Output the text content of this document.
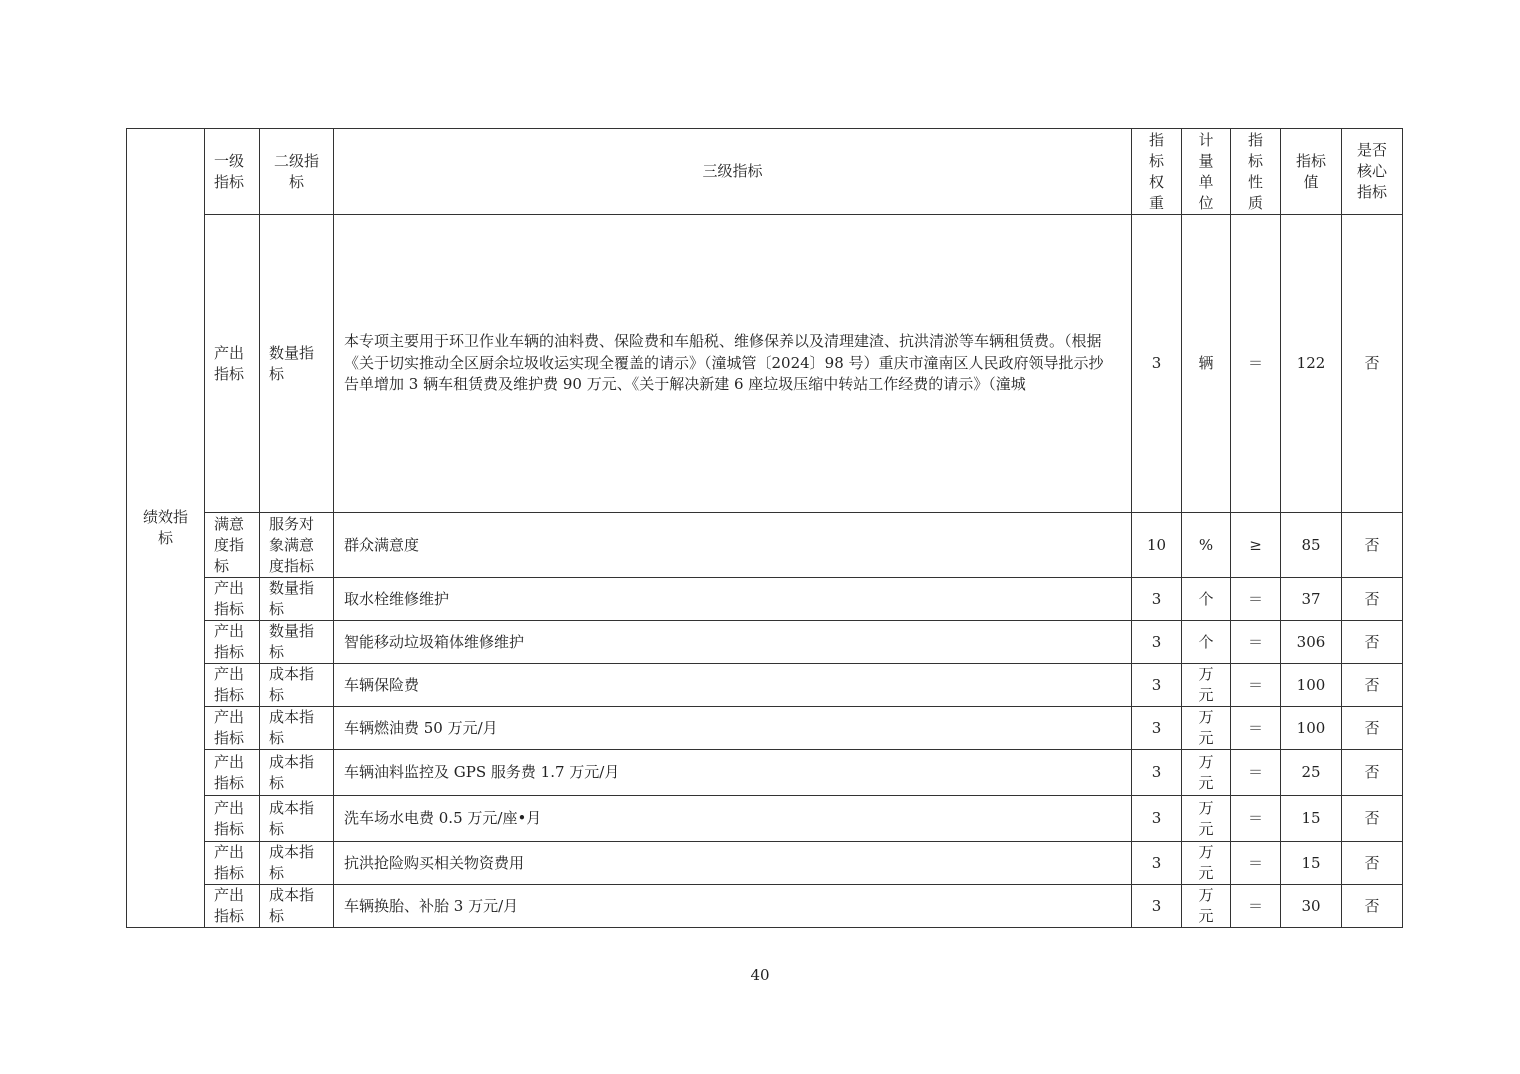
绩效指标	一级指标	二级指标	三级指标	指标权重	计量单位	指标性质	指标值	是否核心指标
	产出指标	数量指标	本专项主要用于环卫作业车辆的油料费、保险费和车船税、维修保养以及清理建渣、抗洪清淤等车辆租赁费。（根据《关于切实推动全区厨余垃圾收运实现全覆盖的请示》（潼城管〔2024〕98 号）重庆市潼南区人民政府领导批示抄告单增加 3 辆车租赁费及维护费 90 万元、《关于解决新建 6 座垃圾压缩中转站工作经费的请示》（潼城	3	辆	＝	122	否
	满意度指标	服务对象满意度指标	群众满意度	10	%	≥	85	否
	产出指标	数量指标	取水栓维修维护	3	个	＝	37	否
	产出指标	数量指标	智能移动垃圾箱体维修维护	3	个	＝	306	否
	产出指标	成本指标	车辆保险费	3	万元	＝	100	否
	产出指标	成本指标	车辆燃油费 50 万元/月	3	万元	＝	100	否
	产出指标	成本指标	车辆油料监控及 GPS 服务费 1.7 万元/月	3	万元	＝	25	否
	产出指标	成本指标	洗车场水电费 0.5 万元/座•月	3	万元	＝	15	否
	产出指标	成本指标	抗洪抢险购买相关物资费用	3	万元	＝	15	否
	产出指标	成本指标	车辆换胎、补胎 3 万元/月	3	万元	＝	30	否
40
